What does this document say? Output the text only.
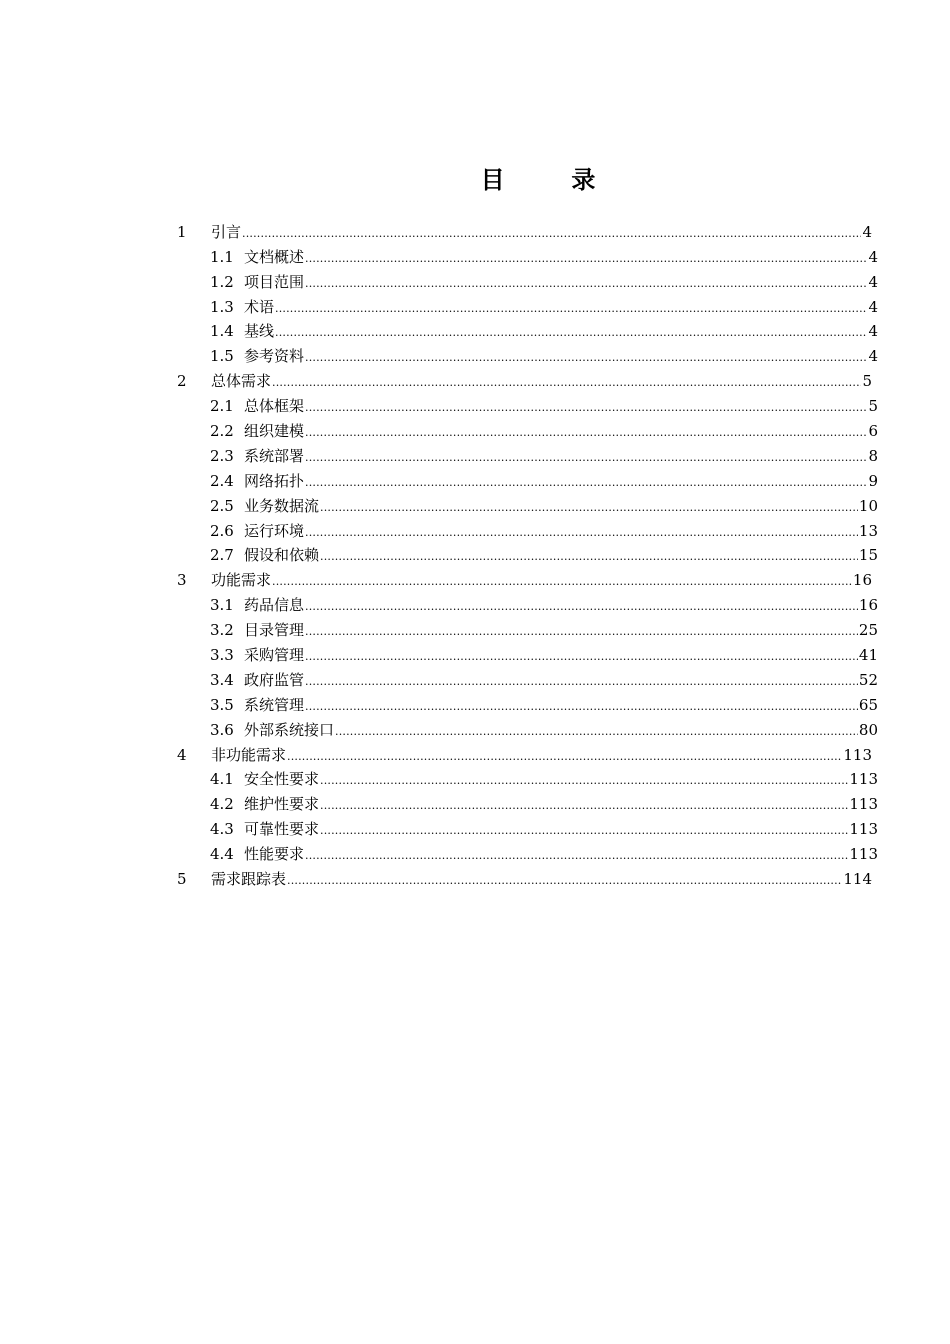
目        录
1	引言 .....	4
1.1 文档概述 .....	4
1.2 项目范围 .....	4
1.3 术语 .....	4
1.4 基线 .....	4
1.5 参考资料 .....	4
2	总体需求 .....	5
2.1 总体框架 .....	5
2.2 组织建模 .....	6
2.3 系统部署 .....	8
2.4 网络拓扑 .....	9
2.5 业务数据流 .....	10
2.6 运行环境 .....	13
2.7 假设和依赖 .....	15
3	功能需求 .....	16
3.1 药品信息 .....	16
3.2 目录管理 .....	25
3.3 采购管理 .....	41
3.4 政府监管 .....	52
3.5 系统管理 .....	65
3.6 外部系统接口 .....	80
4	非功能需求 .....	113
4.1 安全性要求 .....	113
4.2 维护性要求 .....	113
4.3 可靠性要求 .....	113
4.4 性能要求 .....	113
5	需求跟踪表 .....	114
